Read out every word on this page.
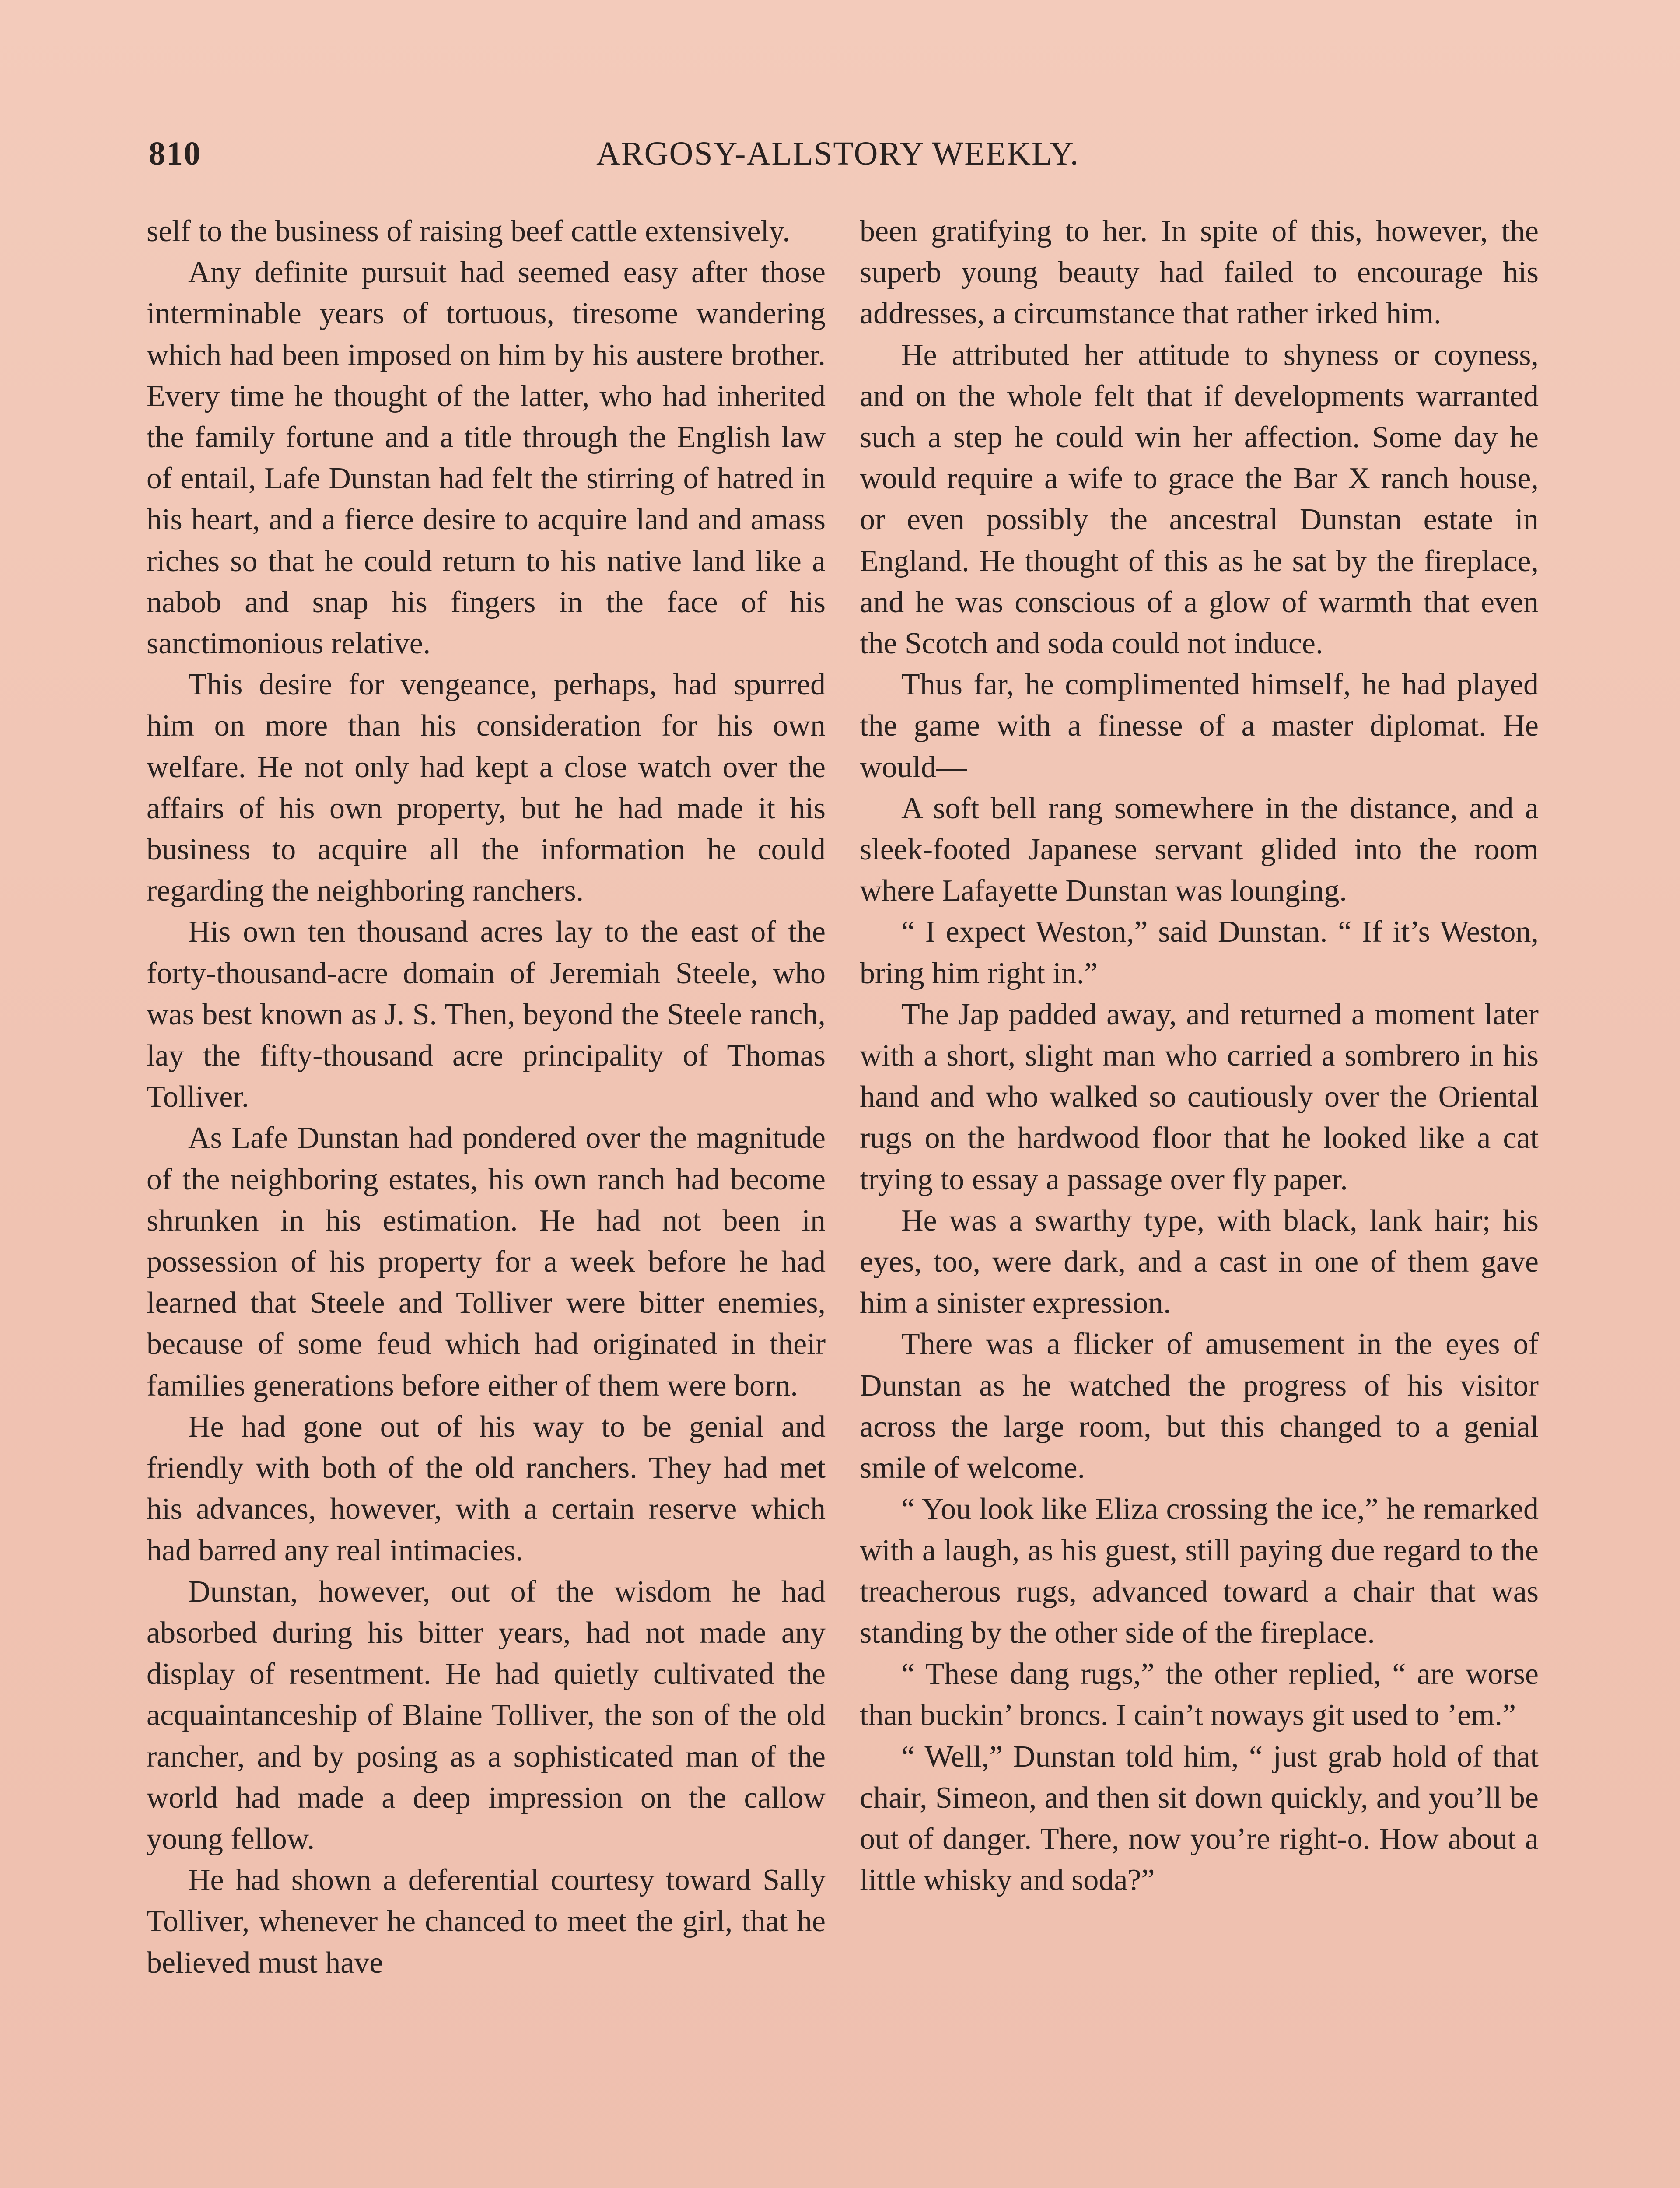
810	ARGOSY-ALLSTORY WEEKLY.

self to the business of raising beef cattle extensively.

Any definite pursuit had seemed easy after those interminable years of tortuous, tiresome wandering which had been imposed on him by his austere brother. Every time he thought of the latter, who had inherited the family fortune and a title through the English law of entail, Lafe Dunstan had felt the stirring of hatred in his heart, and a fierce desire to acquire land and amass riches so that he could return to his native land like a nabob and snap his fingers in the face of his sanctimonious relative.

This desire for vengeance, perhaps, had spurred him on more than his consideration for his own welfare. He not only had kept a close watch over the affairs of his own property, but he had made it his business to acquire all the information he could regarding the neighboring ranchers.

His own ten thousand acres lay to the east of the forty-thousand-acre domain of Jeremiah Steele, who was best known as J. S. Then, beyond the Steele ranch, lay the fifty-thousand acre principality of Thomas Tolliver.

As Lafe Dunstan had pondered over the magnitude of the neighboring estates, his own ranch had become shrunken in his estimation. He had not been in possession of his property for a week before he had learned that Steele and Tolliver were bitter enemies, because of some feud which had originated in their families generations before either of them were born.

He had gone out of his way to be genial and friendly with both of the old ranchers. They had met his advances, however, with a certain reserve which had barred any real intimacies.

Dunstan, however, out of the wisdom he had absorbed during his bitter years, had not made any display of resentment. He had quietly cultivated the acquaintanceship of Blaine Tolliver, the son of the old rancher, and by posing as a sophisticated man of the world had made a deep impression on the callow young fellow.

He had shown a deferential courtesy toward Sally Tolliver, whenever he chanced to meet the girl, that he believed must have

been gratifying to her. In spite of this, however, the superb young beauty had failed to encourage his addresses, a circumstance that rather irked him.

He attributed her attitude to shyness or coyness, and on the whole felt that if developments warranted such a step he could win her affection. Some day he would require a wife to grace the Bar X ranch house, or even possibly the ancestral Dunstan estate in England. He thought of this as he sat by the fireplace, and he was conscious of a glow of warmth that even the Scotch and soda could not induce.

Thus far, he complimented himself, he had played the game with a finesse of a master diplomat. He would—

A soft bell rang somewhere in the distance, and a sleek-footed Japanese servant glided into the room where Lafayette Dunstan was lounging.

“ I expect Weston,” said Dunstan. “ If it’s Weston, bring him right in.”

The Jap padded away, and returned a moment later with a short, slight man who carried a sombrero in his hand and who walked so cautiously over the Oriental rugs on the hardwood floor that he looked like a cat trying to essay a passage over fly paper.

He was a swarthy type, with black, lank hair; his eyes, too, were dark, and a cast in one of them gave him a sinister expression.

There was a flicker of amusement in the eyes of Dunstan as he watched the progress of his visitor across the large room, but this changed to a genial smile of welcome.

“ You look like Eliza crossing the ice,” he remarked with a laugh, as his guest, still paying due regard to the treacherous rugs, advanced toward a chair that was standing by the other side of the fireplace.

“ These dang rugs,” the other replied, “ are worse than buckin’ broncs. I cain’t noways git used to ’em.”

“ Well,” Dunstan told him, “ just grab hold of that chair, Simeon, and then sit down quickly, and you’ll be out of danger. There, now you’re right-o. How about a little whisky and soda?”
